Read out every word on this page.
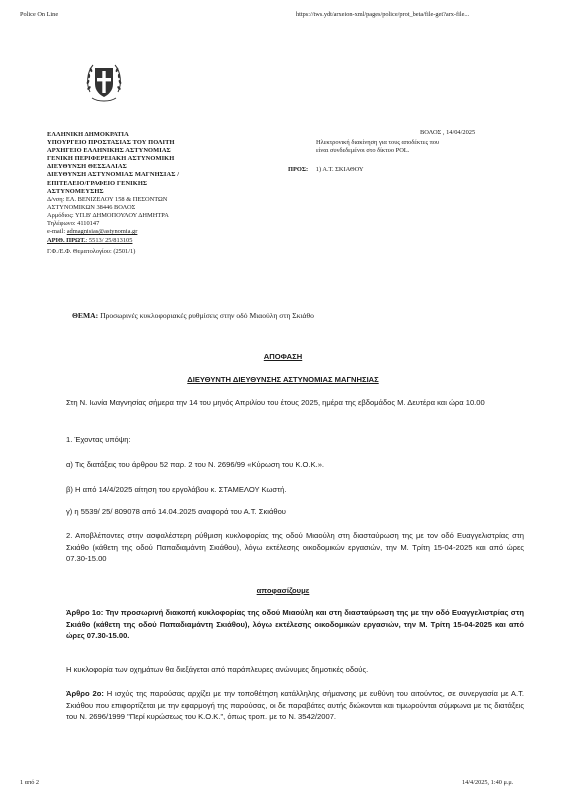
Police On Line	https://tws.ydt/arxeion-xml/pages/police/prot_beta/file-get?arx-file...
ΕΛΛΗΝΙΚΗ ΔΗΜΟΚΡΑΤΙΑ
ΥΠΟΥΡΓΕΙΟ ΠΡΟΣΤΑΣΙΑΣ ΤΟΥ ΠΟΛΙΤΗ
ΑΡΧΗΓΕΙΟ ΕΛΛΗΝΙΚΗΣ ΑΣΤΥΝΟΜΙΑΣ
ΓΕΝΙΚΗ ΠΕΡΙΦΕΡΕΙΑΚΗ ΑΣΤΥΝΟΜΙΚΗ
ΔΙΕΥΘΥΝΣΗ ΘΕΣΣΑΛΙΑΣ
ΔΙΕΥΘΥΝΣΗ ΑΣΤΥΝΟΜΙΑΣ ΜΑΓΝΗΣΙΑΣ /
ΕΠΙΤΕΛΕΙΟ/ΓΡΑΦΕΙΟ ΓΕΝΙΚΗΣ
ΑΣΤΥΝΟΜΕΥΣΗΣ
Δ/νση: ΕΛ. ΒΕΝΙΖΕΛΟΥ 158 & ΠΕΣΟΝΤΩΝ
ΑΣΤΥΝΟΜΙΚΩΝ 38446 ΒΟΛΟΣ
Αρμόδιος: ΥΠ.Β' ΔΗΜΟΠΟΥΛΟΥ ΔΗΜΗΤΡΑ
Τηλέφωνο: 4110147
e-mail: admagnisias@astynomia.gr
ΑΡΙΘ. ΠΡΩΤ.: 5513/ 25/813105
Γ.Φ./Ε.Φ. Θεματολογίου: (2501/1)
ΒΟΛΟΣ , 14/04/2025
Ηλεκτρονική διακίνηση για τους αποδέκτες που
είναι συνδεδεμένοι στο δίκτυο POL.
ΠΡΟΣ: 1) Α.Τ. ΣΚΙΑΘΟΥ
ΘΕΜΑ: Προσωρινές κυκλοφοριακές ρυθμίσεις στην οδό Μιαούλη στη Σκιάθο
ΑΠΟΦΑΣΗ
ΔΙΕΥΘΥΝΤΗ ΔΙΕΥΘΥΝΣΗΣ ΑΣΤΥΝΟΜΙΑΣ ΜΑΓΝΗΣΙΑΣ
Στη Ν. Ιωνία Μαγνησίας σήμερα την 14 του μηνός Απριλίου του έτους 2025, ημέρα της εβδομάδος Μ. Δευτέρα και ώρα 10.00
1. Έχοντας υπόψη:
α) Τις διατάξεις του άρθρου 52 παρ. 2 του Ν. 2696/99 «Κύρωση του Κ.Ο.Κ.».
β) Η από 14/4/2025 αίτηση του εργολάβου κ. ΣΤΑΜΕΛΟΥ Κωστή.
γ) η 5539/ 25/ 809078 από 14.04.2025 αναφορά του Α.Τ. Σκιάθου
2. Αποβλέποντες στην ασφαλέστερη ρύθμιση κυκλοφορίας της οδού Μιαούλη στη διασταύρωση της με τον οδό Ευαγγελιστρίας στη Σκιάθο (κάθετη της οδού Παπαδιαμάντη Σκιάθου), λόγω εκτέλεσης οικοδομικών εργασιών, την Μ. Τρίτη 15-04-2025 και από ώρες 07.30-15.00
αποφασίζουμε
Άρθρο 1ο: Την προσωρινή διακοπή κυκλοφορίας της οδού Μιαούλη και στη διασταύρωση της με την οδό Ευαγγελιστρίας στη Σκιάθο (κάθετη της οδού Παπαδιαμάντη Σκιάθου), λόγω εκτέλεσης οικοδομικών εργασιών, την Μ. Τρίτη 15-04-2025 και από ώρες 07.30-15.00.
Η κυκλοφορία των οχημάτων θα διεξάγεται από παράπλευρες ανώνυμες δημοτικές οδούς.
Άρθρο 2ο: Η ισχύς της παρούσας αρχίζει με την τοποθέτηση κατάλληλης σήμανσης με ευθύνη του αιτούντος, σε συνεργασία με Α.Τ. Σκιάθου που επιφορτίζεται με την εφαρμογή της παρούσας, οι δε παραβάτες αυτής διώκονται και τιμωρούνται σύμφωνα με τις διατάξεις του Ν. 2696/1999 "Περί κυρώσεως του Κ.Ο.Κ.", όπως τροπ. με το Ν. 3542/2007.
1 από 2	14/4/2025, 1:40 μ.μ.
